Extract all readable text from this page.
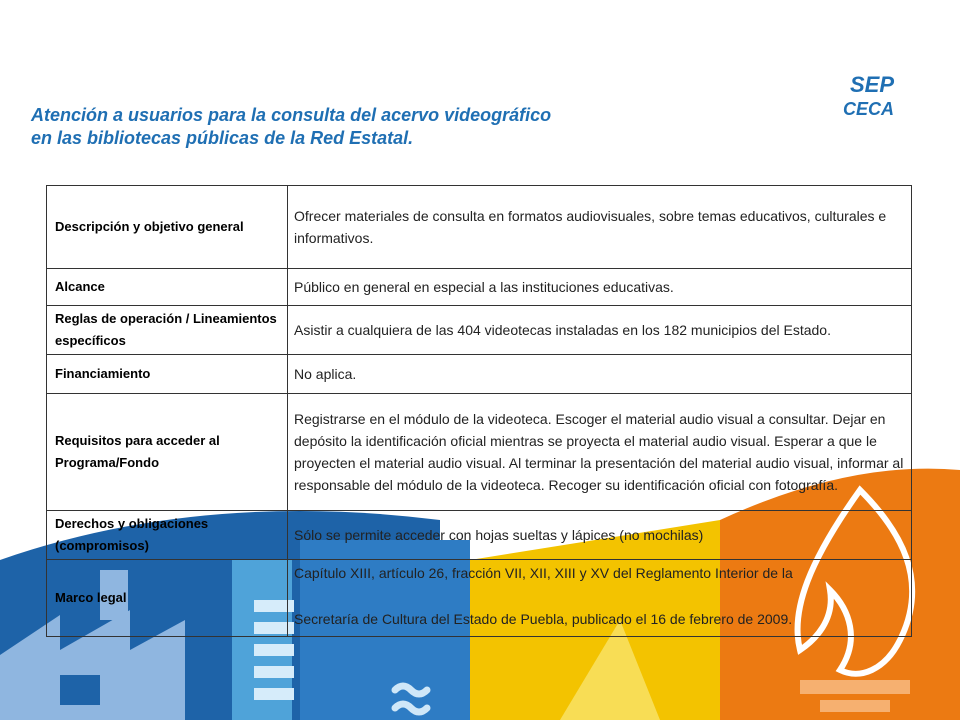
Atención a usuarios para la consulta del acervo videográfico
en las bibliotecas públicas de la Red Estatal.
SEP
CECA
Descripción y objetivo general	Ofrecer materiales de consulta en formatos audiovisuales, sobre temas educativos, culturales e informativos.
Alcance	Público en general en especial a las instituciones educativas.
Reglas de operación / Lineamientos específicos	Asistir a cualquiera de las 404 videotecas instaladas en los 182 municipios del Estado.
Financiamiento	No aplica.
Requisitos para acceder al Programa/Fondo	Registrarse en el módulo de la videoteca. Escoger el material audio visual a consultar. Dejar en depósito la identificación oficial mientras se proyecta el material audio visual. Esperar a que le proyecten el material audio visual. Al terminar la presentación del material audio visual, informar al responsable del módulo de la videoteca. Recoger su identificación oficial con fotografía.
Derechos y obligaciones (compromisos)	Sólo se permite acceder con hojas sueltas y lápices (no mochilas)
Marco legal	Capítulo XIII, artículo 26, fracción VII, XII, XIII y XV del Reglamento Interior de la
Secretaría de Cultura del Estado de Puebla, publicado el 16 de febrero de 2009.
